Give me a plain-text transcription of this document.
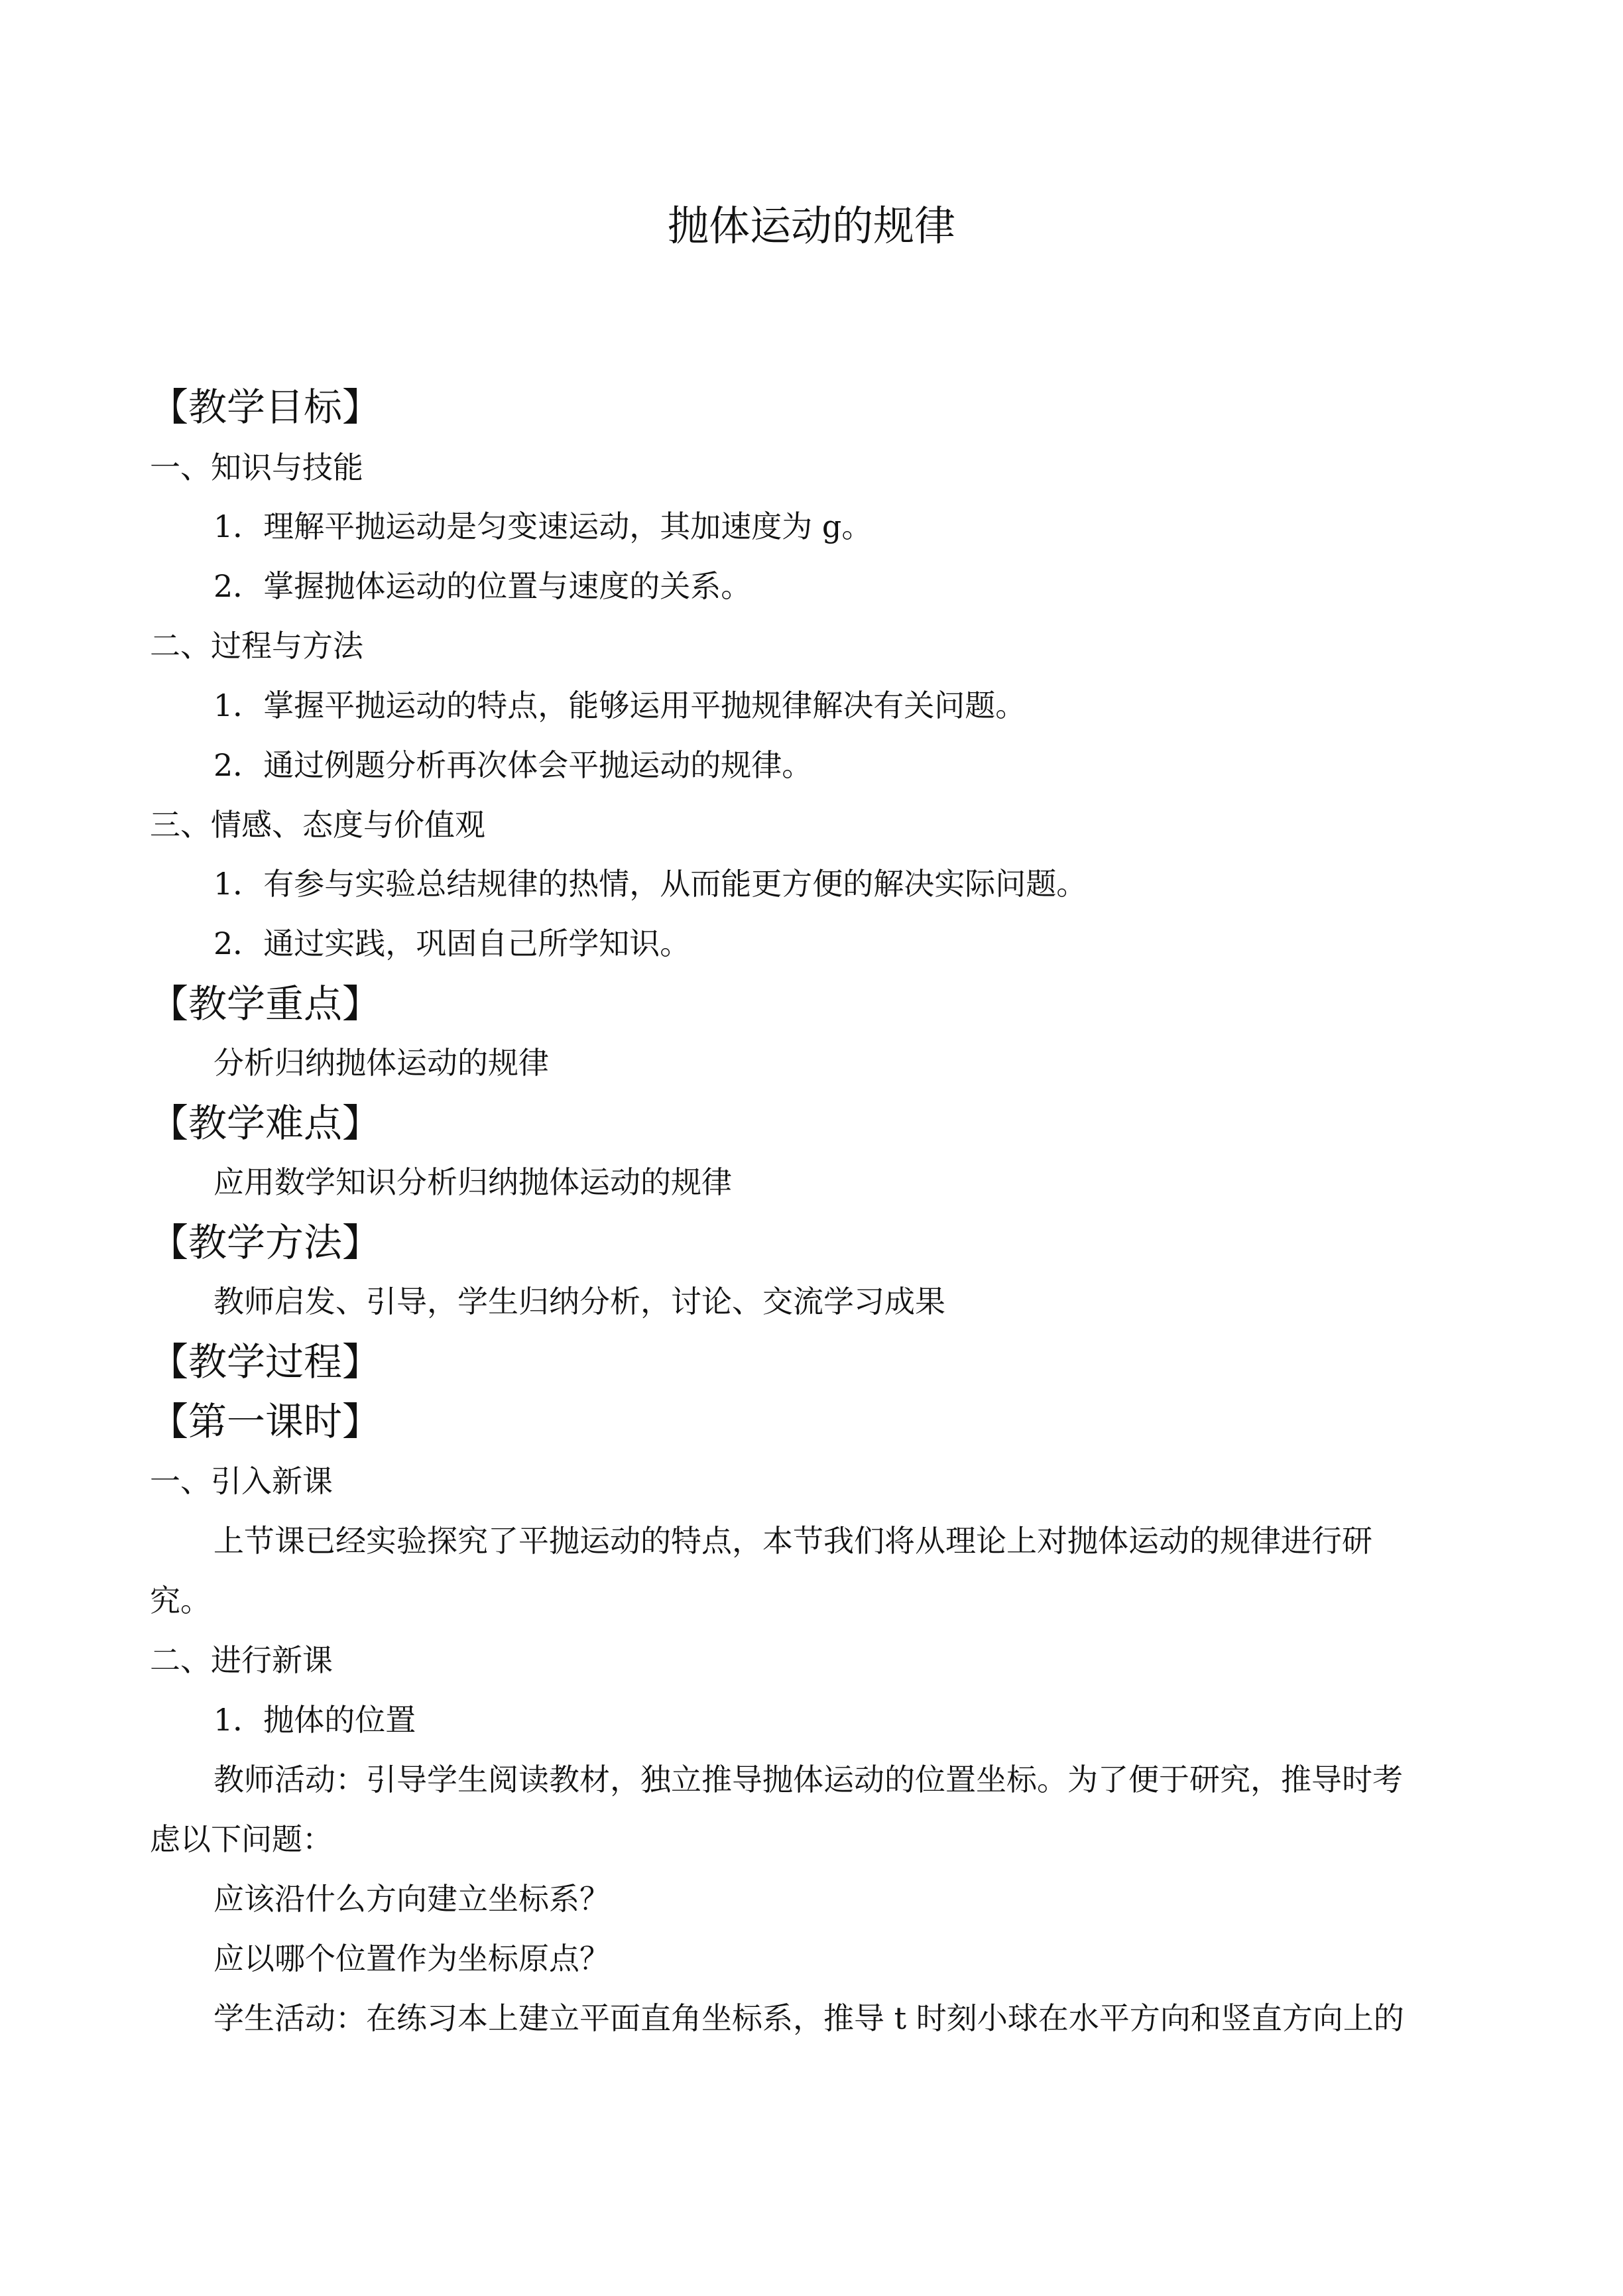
抛体运动的规律
【教学目标】
一、知识与技能
1．理解平抛运动是匀变速运动，其加速度为 g。
2．掌握抛体运动的位置与速度的关系。
二、过程与方法
1．掌握平抛运动的特点，能够运用平抛规律解决有关问题。
2．通过例题分析再次体会平抛运动的规律。
三、情感、态度与价值观
1．有参与实验总结规律的热情，从而能更方便的解决实际问题。
2．通过实践，巩固自己所学知识。
【教学重点】
分析归纳抛体运动的规律
【教学难点】
应用数学知识分析归纳抛体运动的规律
【教学方法】
教师启发、引导，学生归纳分析，讨论、交流学习成果
【教学过程】
【第一课时】
一、引入新课
上节课已经实验探究了平抛运动的特点，本节我们将从理论上对抛体运动的规律进行研
究。
二、进行新课
1．抛体的位置
教师活动：引导学生阅读教材，独立推导抛体运动的位置坐标。为了便于研究，推导时考
虑以下问题：
应该沿什么方向建立坐标系？
应以哪个位置作为坐标原点？
学生活动：在练习本上建立平面直角坐标系，推导 t 时刻小球在水平方向和竖直方向上的
